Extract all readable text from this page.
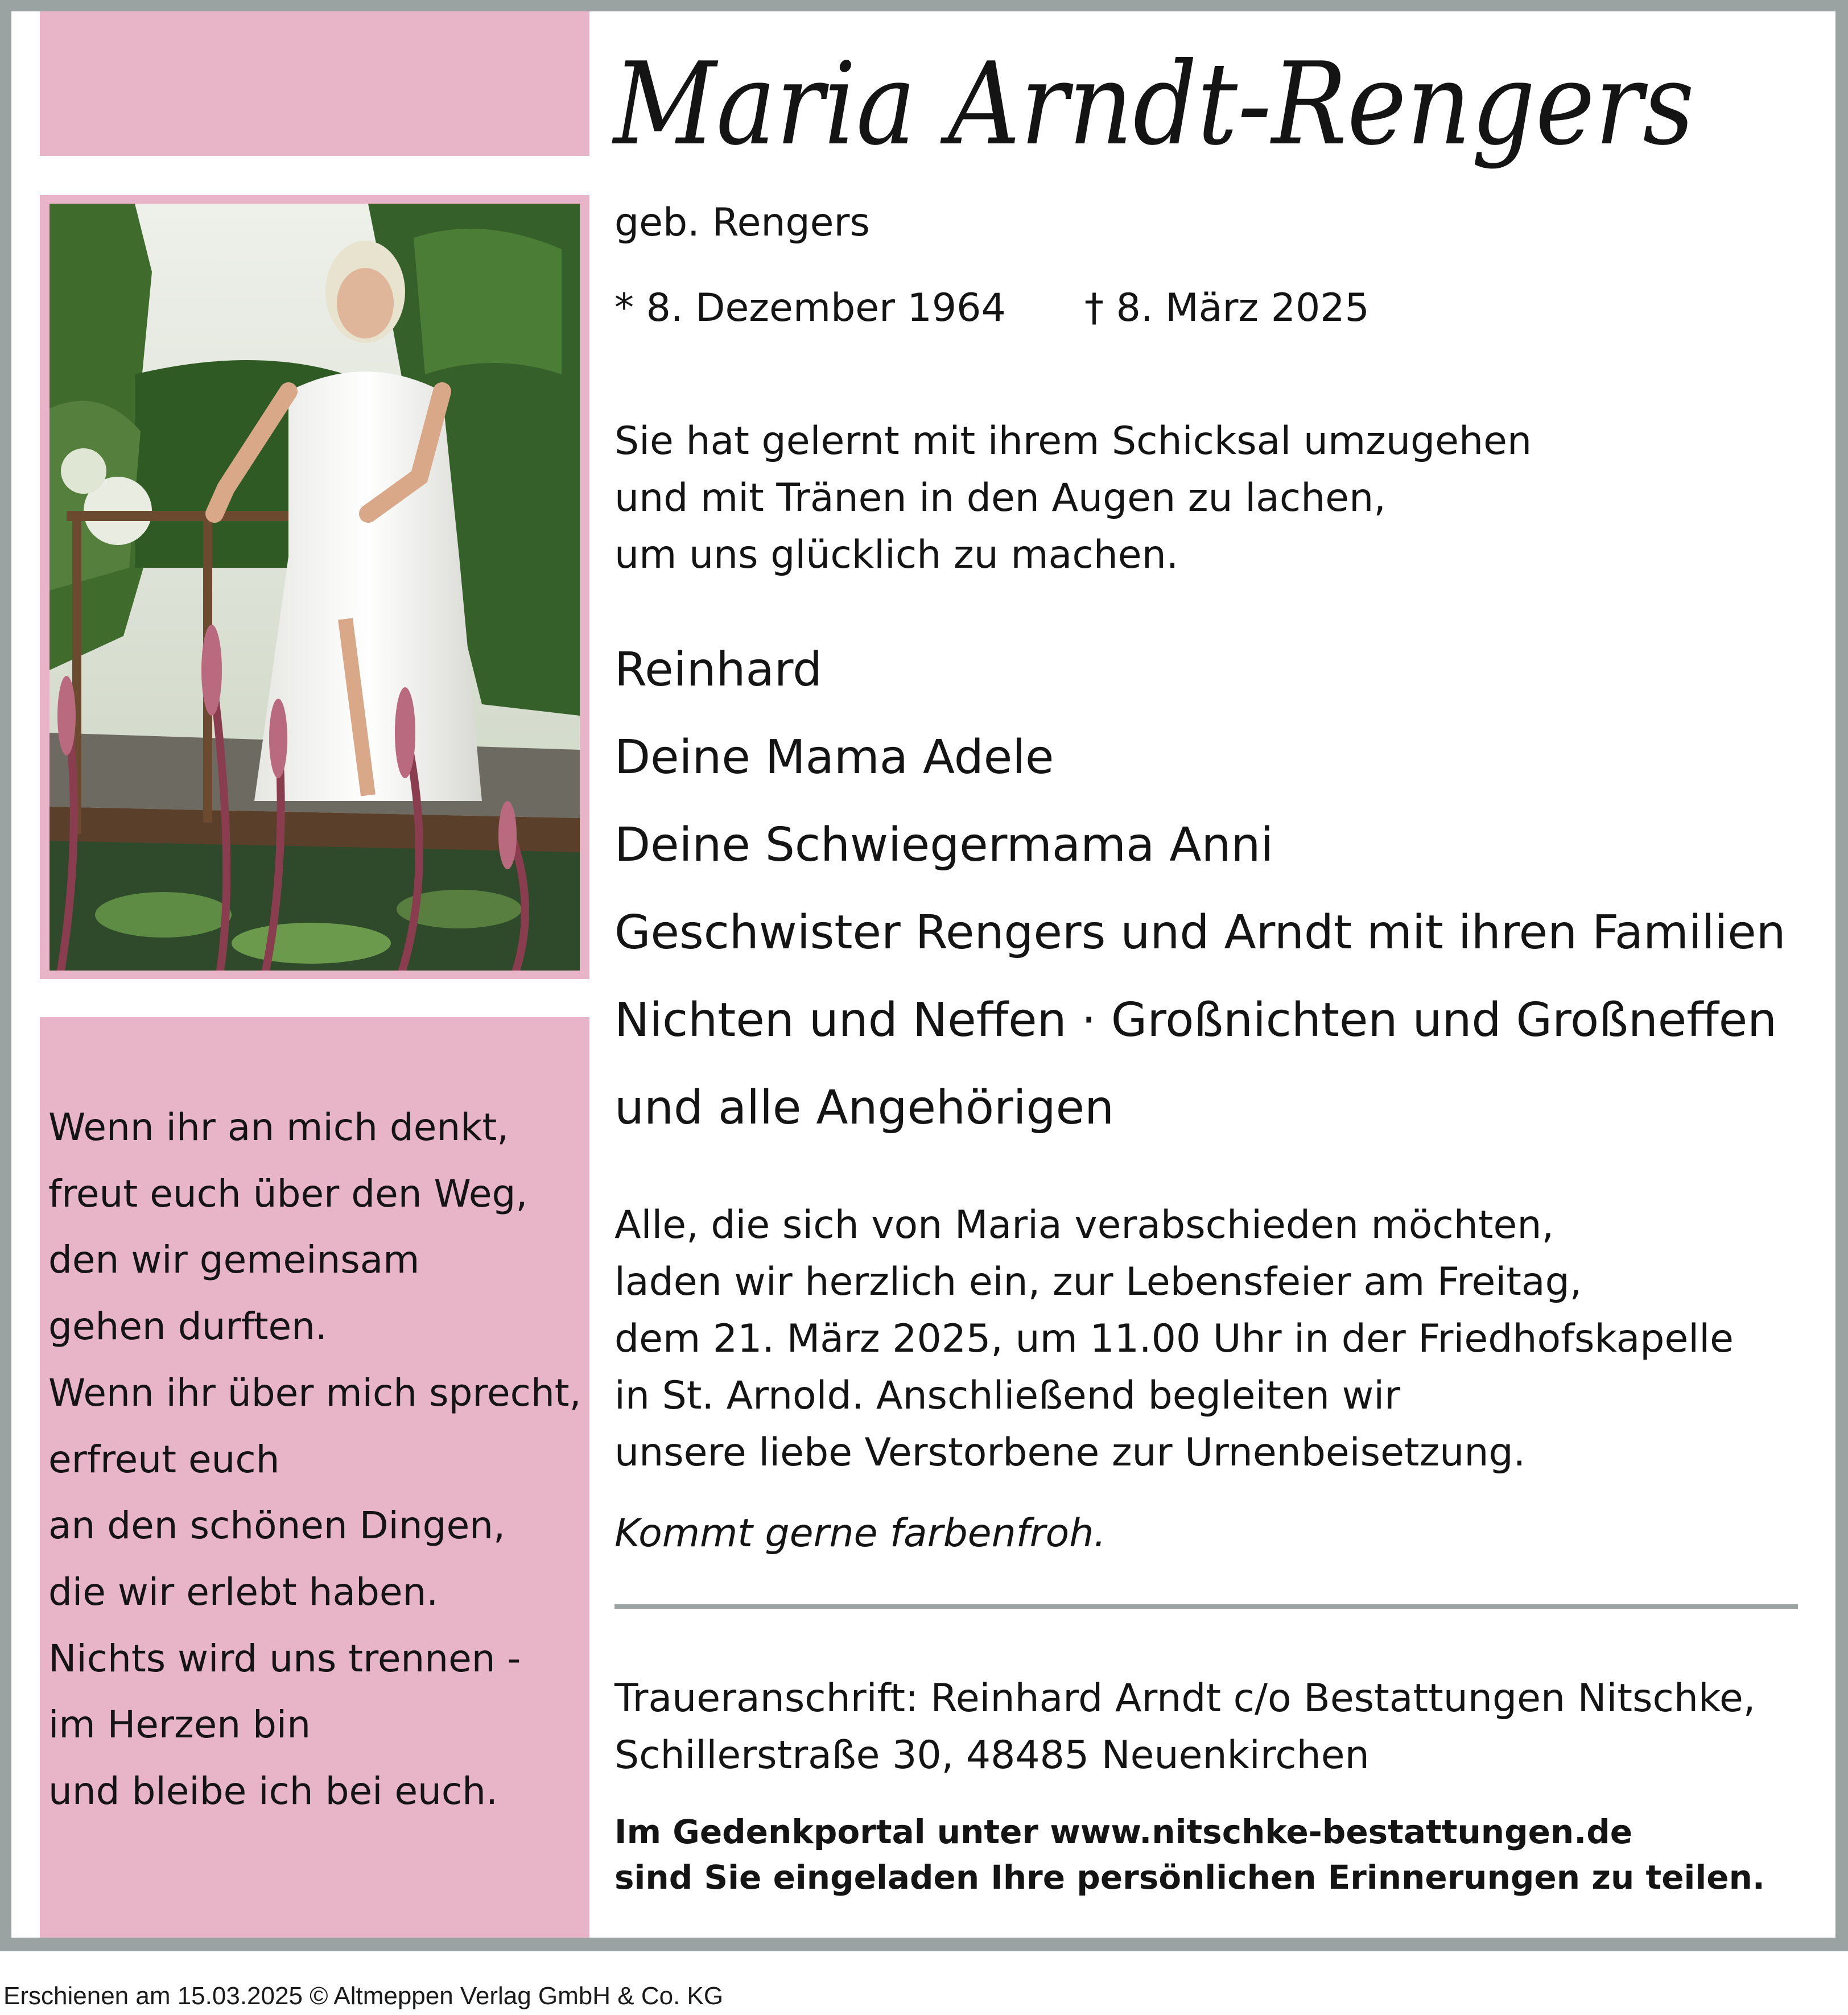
Wenn ihr an mich denkt,
freut euch über den Weg,
den wir gemeinsam
gehen durften.
Wenn ihr über mich sprecht,
erfreut euch
an den schönen Dingen,
die wir erlebt haben.
Nichts wird uns trennen -
im Herzen bin
und bleibe ich bei euch.
Maria Arndt-Rengers
geb. Rengers
* 8. Dezember 1964 † 8. März 2025
Sie hat gelernt mit ihrem Schicksal umzugehen
und mit Tränen in den Augen zu lachen,
um uns glücklich zu machen.
Reinhard
Deine Mama Adele
Deine Schwiegermama Anni
Geschwister Rengers und Arndt mit ihren Familien
Nichten und Neffen · Großnichten und Großneffen
und alle Angehörigen
Alle, die sich von Maria verabschieden möchten,
laden wir herzlich ein, zur Lebensfeier am Freitag,
dem 21. März 2025, um 11.00 Uhr in der Friedhofskapelle
in St. Arnold. Anschließend begleiten wir
unsere liebe Verstorbene zur Urnenbeisetzung.
Kommt gerne farbenfroh.
Traueranschrift: Reinhard Arndt c/o Bestattungen Nitschke,
Schillerstraße 30, 48485 Neuenkirchen
Im Gedenkportal unter www.nitschke-bestattungen.de
sind Sie eingeladen Ihre persönlichen Erinnerungen zu teilen.
Erschienen am 15.03.2025 © Altmeppen Verlag GmbH & Co. KG
